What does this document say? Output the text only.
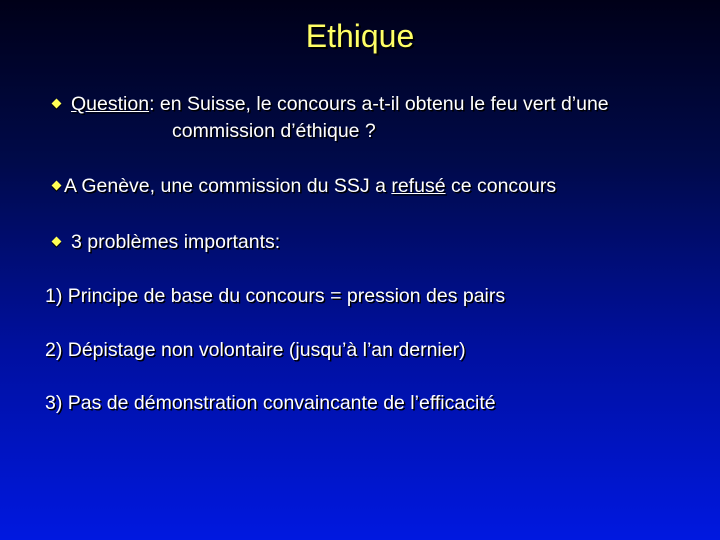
Ethique
Question: en Suisse, le concours a-t-il obtenu le feu vert d’une
commission d’éthique ?
A Genève, une commission du SSJ a refusé ce concours
3 problèmes importants:
1) Principe de base du concours = pression des pairs
2) Dépistage non volontaire (jusqu’à l’an dernier)
3) Pas de démonstration convaincante de l’efficacité
